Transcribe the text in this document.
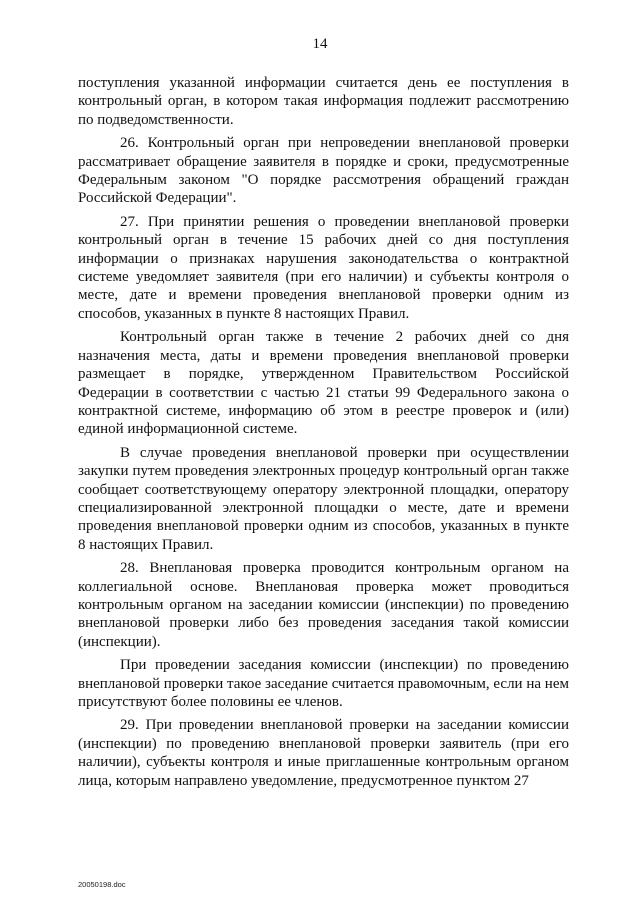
14

поступления указанной информации считается день ее поступления в контрольный орган, в котором такая информация подлежит рассмотрению по подведомственности.

26. Контрольный орган при непроведении внеплановой проверки рассматривает обращение заявителя в порядке и сроки, предусмотренные Федеральным законом "О порядке рассмотрения обращений граждан Российской Федерации".

27. При принятии решения о проведении внеплановой проверки контрольный орган в течение 15 рабочих дней со дня поступления информации о признаках нарушения законодательства о контрактной системе уведомляет заявителя (при его наличии) и субъекты контроля о месте, дате и времени проведения внеплановой проверки одним из способов, указанных в пункте 8 настоящих Правил.

Контрольный орган также в течение 2 рабочих дней со дня назначения места, даты и времени проведения внеплановой проверки размещает в порядке, утвержденном Правительством Российской Федерации в соответствии с частью 21 статьи 99 Федерального закона о контрактной системе, информацию об этом в реестре проверок и (или) единой информационной системе.

В случае проведения внеплановой проверки при осуществлении закупки путем проведения электронных процедур контрольный орган также сообщает соответствующему оператору электронной площадки, оператору специализированной электронной площадки о месте, дате и времени проведения внеплановой проверки одним из способов, указанных в пункте 8 настоящих Правил.

28. Внеплановая проверка проводится контрольным органом на коллегиальной основе. Внеплановая проверка может проводиться контрольным органом на заседании комиссии (инспекции) по проведению внеплановой проверки либо без проведения заседания такой комиссии (инспекции).

При проведении заседания комиссии (инспекции) по проведению внеплановой проверки такое заседание считается правомочным, если на нем присутствуют более половины ее членов.

29. При проведении внеплановой проверки на заседании комиссии (инспекции) по проведению внеплановой проверки заявитель (при его наличии), субъекты контроля и иные приглашенные контрольным органом лица, которым направлено уведомление, предусмотренное пунктом 27

20050198.doc
